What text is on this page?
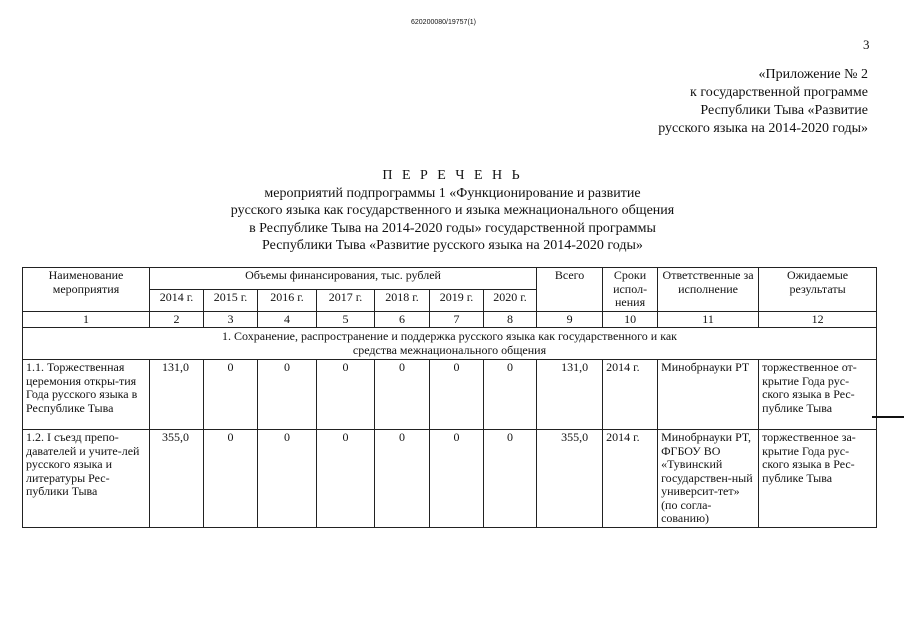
620200080/19757(1)
3
«Приложение № 2
к государственной программе
Республики Тыва «Развитие
русского языка на 2014-2020 годы»
П Е Р Е Ч Е Н Ь
мероприятий подпрограммы 1 «Функционирование и развитие
русского языка как государственного и языка межнационального общения
в Республике Тыва на 2014-2020 годы» государственной программы
Республики Тыва «Развитие русского языка на 2014-2020 годы»
Наименование мероприятия	Объемы финансирования, тыс. рублей							Всего	Сроки испол-нения	Ответственные за исполнение	Ожидаемые результаты
	2014 г.	2015 г.	2016 г.	2017 г.	2018 г.	2019 г.	2020 г.				
1	2	3	4	5	6	7	8	9	10	11	12
1. Сохранение, распространение и поддержка русского языка как государственного и как средства межнационального общения											
1.1. Торжественная церемония откры-тия Года русского языка в Республике Тыва	131,0	0	0	0	0	0	0	131,0	2014 г.	Минобрнауки РТ	торжественное от-крытие Года рус-ского языка в Рес-публике Тыва
1.2. I съезд препо-давателей и учите-лей русского языка и литературы Рес-публики Тыва	355,0	0	0	0	0	0	0	355,0	2014 г.	Минобрнауки РТ, ФГБОУ ВО «Тувинский государствен-ный университ-тет» (по согла-сованию)	торжественное за-крытие Года рус-ского языка в Рес-публике Тыва
